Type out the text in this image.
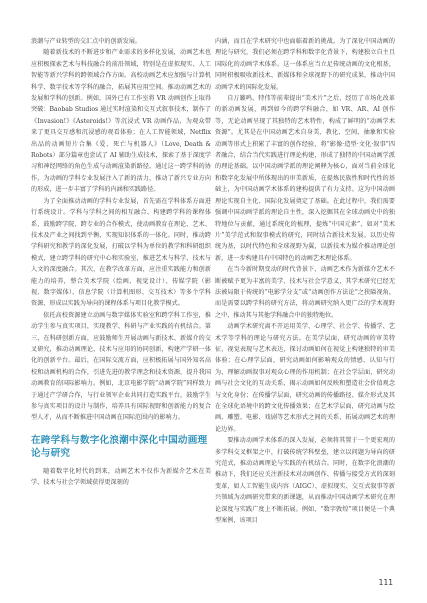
浪潮与产业转型的交汇点中的创新发展。

随着新技术的不断进步和产业需求的多样化发展，动画艺术也应积极探索艺术与科技融合的前沿领域，特别是在虚拟现实、人工智能等新兴学科的跨领域合作方面。高校动画艺术应加强与计算机科学、数字技术等学科的融合，拓展其应用空间。推动动画艺术的发展和学科的创新。例如，国外已有工作室将 VR 动画创作上取得突破：Baobab Studios 通过实时渲染和交互式叙事技术，制作了《Invasion!》《Asteroids!》等沉浸式 VR 动画作品，为观众带来了更具交互感和沉浸感的观看体验；在人工智能领域，Netflix 出品的动画短片合集《爱、死亡与机器人》（Love, Death & Robots）部分篇章也尝试了 AI 辅助生成技术，探索了基于深度学习和神经网络的角色生成与动画渲染新路径。通过这一跨学科的协作，为动画的学科专业发展注入了新的活力，推动了新兴专业方向的形成，进一步丰富了学科的内涵和实践路径。

为了全面推动动画的学科专业发展，首先需在学科体系方面进行系统设计。学科与学科之间的相互融合、构建跨学科的课程体系，鼓励跨学院、跨专业的合作模式，使动画教育在理论、艺术、技术及产业之间找到平衡，实现知识体系的一体化。同时，推动跨学科研究和教学的深化发展，打破以学科为单位的教学和科研组织模式，建立跨学科的研究中心和实验室，推进艺术与科学、技术与人文的深度融合。其次，在教学改革方面，应注重实践能力和创新能力的培养，整合美术学院（绘画、视觉设计）、传媒学院（影视、数字媒体）、信息学院（计算机图形、交互技术）等多个学科资源，形成以实践为导向的课程体系与项目化教学模式。

依托高校资源建立动画与数字媒体实验室和跨学科工作室，推动学生参与真实项目，实现教学、科研与产业实践的有机结合。第三，在科研创新方面，应鼓励师生开展动画与新技术、新媒介的交叉研究，推动动画理论、技术与应用的协同创新，构建产学研一体化的创新平台。最后，在国际交流方面，应积极拓展与国外知名高校和动画机构的合作，引进先进的教学理念和技术资源，提升我国动画教育的国际影响力。例如，北京电影学院“动画学院”同样致力于通过产学研合作，与行业领军企业共同打造实践平台，鼓励学生参与真实项目的设计与制作，培养具有国际视野和创新能力的复合型人才，从而不断推进中国动画在国际范围内的影响力。

在跨学科与数字化浪潮中深化中国动画理论与研究

随着数字化时代的到来，动画艺术不仅作为新媒介艺术在美学、技术与社会学领域获得更深刻的

内涵，而且在学术研究中也面临着新的挑战。为了深化中国动画的理论与研究，我们必须在跨学科和数字化背景下，构建独立自主且国际化的动画学术体系。这一体系应当立足传统动画的文化根基，同时积极吸收新技术、新媒体和全球视野下的研究成果，推动中国动画学术的国际化发展。

自万籁鸣、特伟等前辈提出“美术片”之后，经历了市场化改革的新动画发展，再到如今的跨学科融合，如 VR、AR、AI 创作等，无论动画呈现了其独特的艺术特性，构成了鲜明的“动画学术资源”。尤其是在中国动画艺术自身美、教化、空间、抽象和实验动画等形式上积累了丰富的创作经验，将“影像·造型·文化·叙事”四者融合，结合当代实践进行理论构建，形成了独特的中国动画学派的理论基础。以中国动画学派的理论阐释为核心，面对当前全球化和数字化发展中所体现出的审美新质，在提炼民族性和时代性的基础上，为中国动画学术体系的建构提供了有力支持。这为中国动画理论实现自主化、国际化发展奠定了基础。在此过程中，我们需要强调中国动画学派的理论自主性，深入挖掘其在全球动画史中的独特地位与贡献，通过系统化的梳理，提炼“中国元素”、如对“美术片”美学范式和叙事模式的研究，同时结合新技术发展。以历史传统为基，以时代特色和全球视野为翼，以新技术为媒介推动理论创新，进一步构建具有中国特色的动画艺术理论体系。

在当今新时期变动的时代背景下，动画艺术作为新媒介艺术不断被赋予更为丰富的美学、技术与社会学意义，其学术研究已经无法被局限于传统的“电影学分支”或“动画创作方法论”之狭隘视角，而是需要以跨学科的研究方法，将动画研究纳入更广泛的学术视野之中，推动其与其他学科融合中的独特地位。

动画学术研究离不开运用美学、心理学、社会学、传播学、艺术学等学科的理论与研究方法。在美学层面，研究动画的审美特征、视觉表现与艺术表达，探讨动画如何在视觉上构建独特的审美体验；在心理学层面，研究动画如何影响观众的情感、认知与行为，理解动画叙事对观众心理的作用机制；在社会学层面，研究动画与社会文化的互动关系，揭示动画如何反映和塑造社会价值观念与文化身份；在传播学层面，研究动画的传播路径、媒介形式及其在全球化语境中的跨文化传播效果；在艺术学层面，研究动画与绘画、雕塑、电影、戏剧等艺术形式之间的关系，拓展动画艺术的理论边界。

要推动动画学术体系的深入发展，必须将其置于一个更宏观的多学科交叉框架之中，打破传统学科壁垒，建立以问题为导向的研究范式，推动动画理论与实践的有机结合。同时，在数字化浪潮的推动下，我们还应关注新技术对动画创作、传播与接受方式的深刻变革，如人工智能生成内容（AIGC）、虚拟现实、交互式叙事等新兴领域为动画研究带来的新课题，从而推动中国动画学术研究在理论深度与实践广度上不断拓展。例如，“数字敦煌”项目便是一个典型案例，该项目

111
